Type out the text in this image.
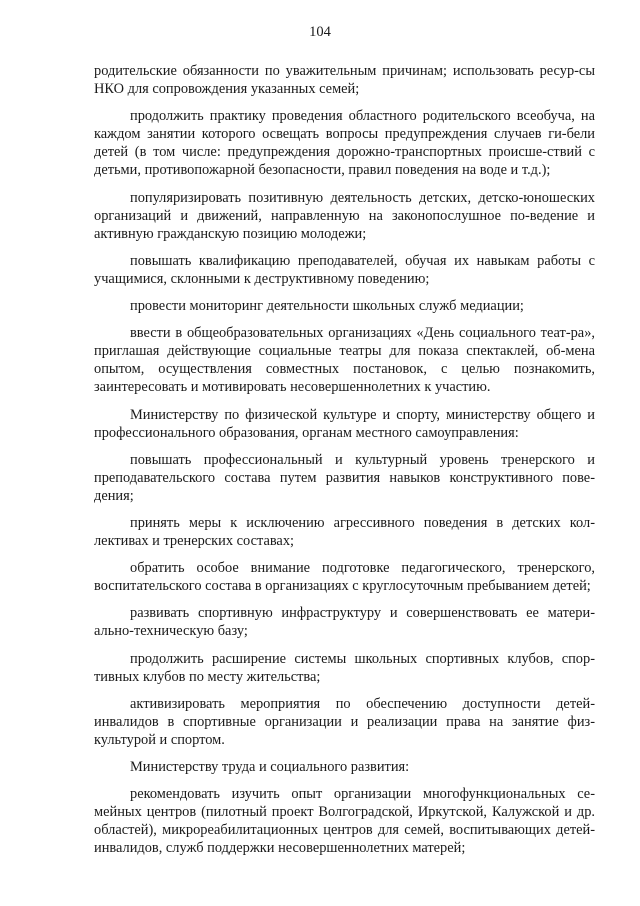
104

родительские обязанности по уважительным причинам; использовать ресур-сы НКО для сопровождения указанных семей;

продолжить практику проведения областного родительского всеобуча, на каждом занятии которого освещать вопросы предупреждения случаев ги-бели детей (в том числе: предупреждения дорожно-транспортных происше-ствий с детьми, противопожарной безопасности, правил поведения на воде и т.д.);

популяризировать позитивную деятельность детских, детско-юношеских организаций и движений, направленную на законопослушное по-ведение и активную гражданскую позицию молодежи;

повышать квалификацию преподавателей, обучая их навыкам работы с учащимися, склонными к деструктивному поведению;

провести мониторинг деятельности школьных служб медиации;

ввести в общеобразовательных организациях «День социального теат-ра», приглашая действующие социальные театры для показа спектаклей, об-мена опытом, осуществления совместных постановок, с целью познакомить, заинтересовать и мотивировать несовершеннолетних к участию.

Министерству по физической культуре и спорту, министерству общего и профессионального образования, органам местного самоуправления:

повышать профессиональный и культурный уровень тренерского и преподавательского состава путем развития навыков конструктивного пове-дения;

принять меры к исключению агрессивного поведения в детских кол-лективах и тренерских составах;

обратить особое внимание подготовке педагогического, тренерского, воспитательского состава в организациях с круглосуточным пребыванием детей;

развивать спортивную инфраструктуру и совершенствовать ее матери-ально-техническую базу;

продолжить расширение системы школьных спортивных клубов, спор-тивных клубов по месту жительства;

активизировать мероприятия по обеспечению доступности детей-инвалидов в спортивные организации и реализации права на занятие физ-культурой и спортом.

Министерству труда и социального развития:

рекомендовать изучить опыт организации многофункциональных се-мейных центров (пилотный проект Волгоградской, Иркутской, Калужской и др. областей), микрореабилитационных центров для семей, воспитывающих детей-инвалидов, служб поддержки несовершеннолетних матерей;
